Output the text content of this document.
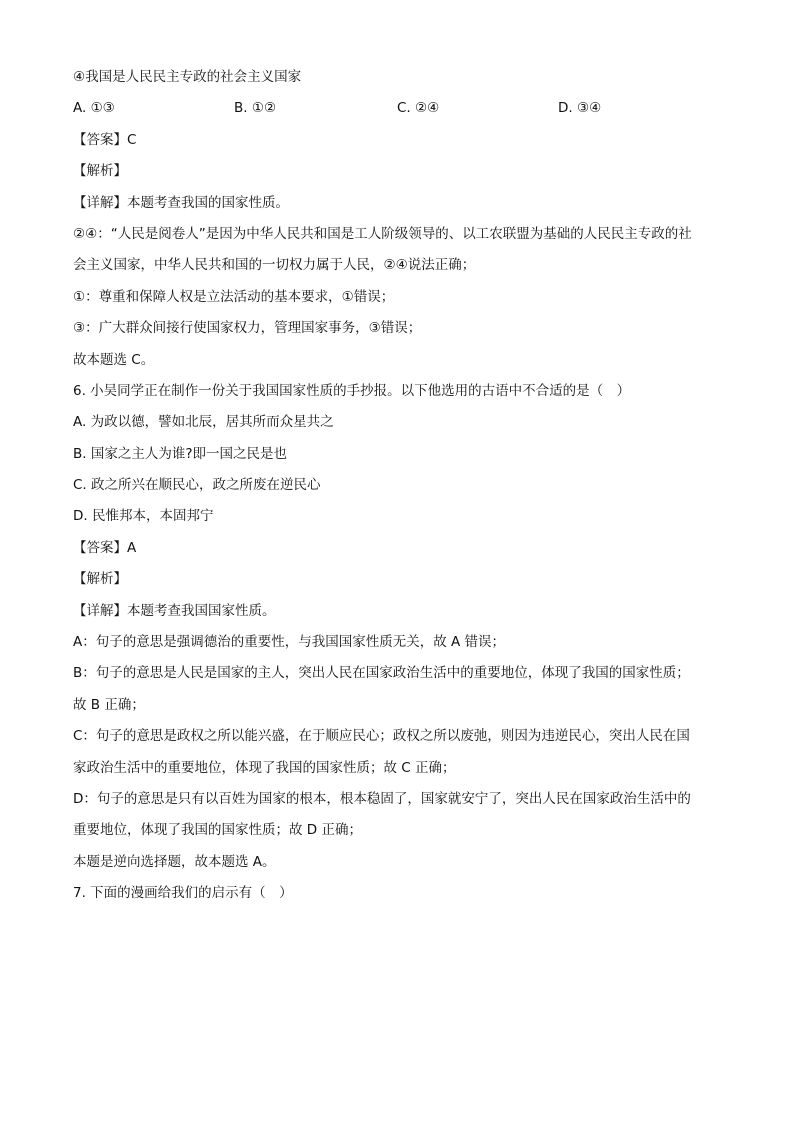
④我国是人民民主专政的社会主义国家
A. ①③	B. ①②	C. ②④	D. ③④
【答案】C
【解析】
【详解】本题考查我国的国家性质。
②④：“人民是阅卷人”是因为中华人民共和国是工人阶级领导的、以工农联盟为基础的人民民主专政的社
会主义国家，中华人民共和国的一切权力属于人民，②④说法正确；
①：尊重和保障人权是立法活动的基本要求，①错误；
③：广大群众间接行使国家权力，管理国家事务，③错误；
故本题选 C。
6. 小吴同学正在制作一份关于我国国家性质的手抄报。以下他选用的古语中不合适的是（　）
A. 为政以德，譬如北辰，居其所而众星共之
B. 国家之主人为谁?即一国之民是也
C. 政之所兴在顺民心，政之所废在逆民心
D. 民惟邦本，本固邦宁
【答案】A
【解析】
【详解】本题考查我国国家性质。
A：句子的意思是强调德治的重要性，与我国国家性质无关，故 A 错误；
B：句子的意思是人民是国家的主人，突出人民在国家政治生活中的重要地位，体现了我国的国家性质；
故 B 正确；
C：句子的意思是政权之所以能兴盛，在于顺应民心；政权之所以废弛，则因为违逆民心，突出人民在国
家政治生活中的重要地位，体现了我国的国家性质；故 C 正确；
D：句子的意思是只有以百姓为国家的根本，根本稳固了，国家就安宁了，突出人民在国家政治生活中的
重要地位，体现了我国的国家性质；故 D 正确；
本题是逆向选择题，故本题选 A。
7. 下面的漫画给我们的启示有（　）
